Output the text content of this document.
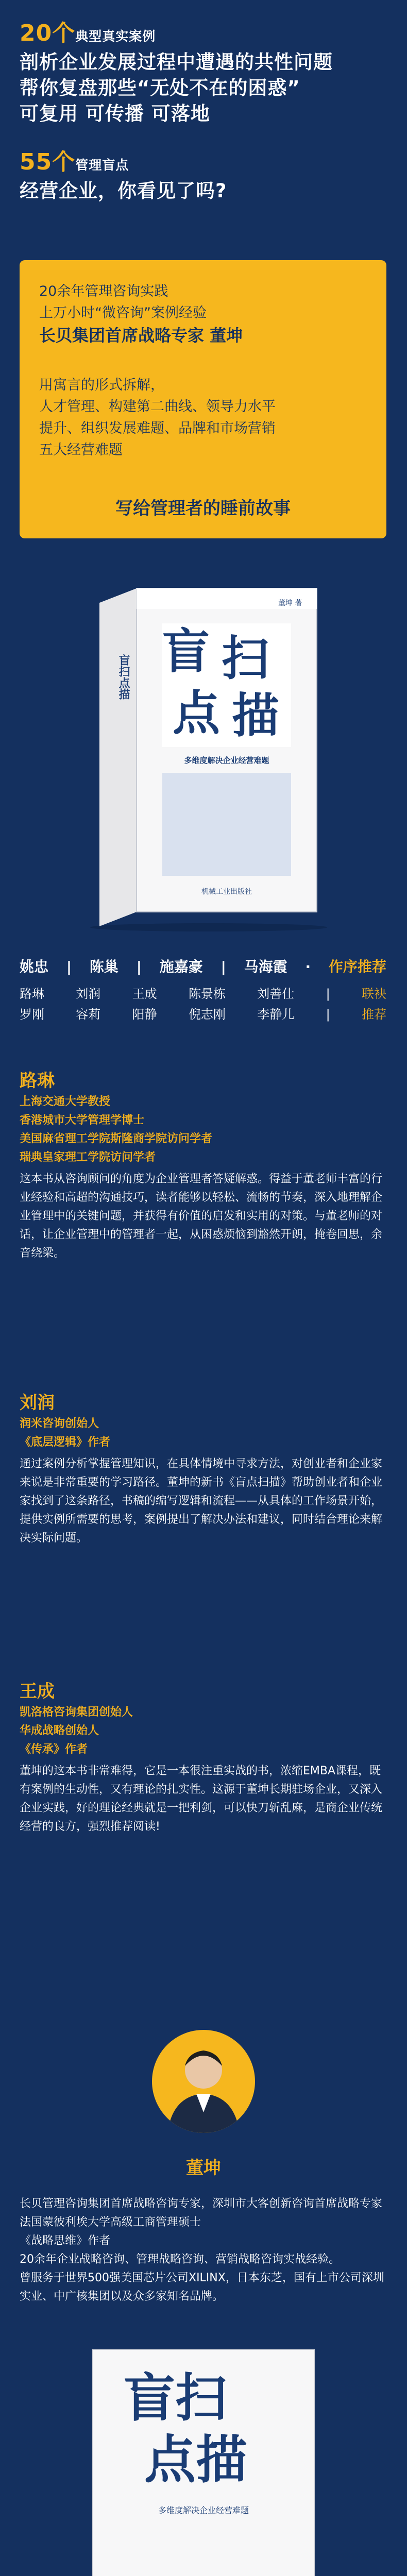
20个典型真实案例
剖析企业发展过程中遭遇的共性问题
帮你复盘那些“无处不在的困惑”
可复用 可传播 可落地
55个管理盲点
经营企业，你看见了吗?
20余年管理咨询实践
上万小时“微咨询”案例经验
长贝集团首席战略专家 董坤
用寓言的形式拆解，
人才管理、构建第二曲线、领导力水平
提升、组织发展难题、品牌和市场营销
五大经营难题
写给管理者的睡前故事
盲 扫
点 描
多维度解决企业经营难题
董坤 著
机械工业出版社
盲扫点描
姚忠 | 陈巢 | 施嘉豪 | 马海霞 · 作序推荐
路琳	刘润	王成	陈景栋	刘善仕	|	联袂
罗刚	容莉	阳静	倪志刚	李静儿	|	推荐
路琳
上海交通大学教授
香港城市大学管理学博士
美国麻省理工学院斯隆商学院访问学者
瑞典皇家理工学院访问学者
这本书从咨询顾问的角度为企业管理者答疑解惑。得益于董老师丰富的行业经验和高超的沟通技巧，读者能够以轻松、流畅的节奏，深入地理解企业管理中的关键问题，并获得有价值的启发和实用的对策。与董老师的对话，让企业管理中的管理者一起，从困惑烦恼到豁然开朗，掩卷回思，余音绕梁。
刘润
润米咨询创始人
《底层逻辑》作者
通过案例分析掌握管理知识，在具体情境中寻求方法，对创业者和企业家来说是非常重要的学习路径。董坤的新书《盲点扫描》帮助创业者和企业家找到了这条路径，书稿的编写逻辑和流程——从具体的工作场景开始，提供实例所需要的思考，案例提出了解决办法和建议，同时结合理论来解决实际问题。
王成
凯洛格咨询集团创始人
华成战略创始人
《传承》作者
董坤的这本书非常难得，它是一本很注重实战的书，浓缩EMBA课程，既有案例的生动性，又有理论的扎实性。这源于董坤长期驻场企业，又深入企业实践，好的理论经典就是一把利剑，可以快刀斩乱麻，是商企业传统经营的良方，强烈推荐阅读!
董坤
长贝管理咨询集团首席战略咨询专家，深圳市大客创新咨询首席战略专家
法国蒙彼利埃大学高级工商管理硕士
《战略思维》作者
20余年企业战略咨询、管理战略咨询、营销战略咨询实战经验。
曾服务于世界500强美国芯片公司XILINX，日本东芝，国有上市公司深圳实业、中广核集团以及众多家知名品牌。
盲扫
点描
多维度解决企业经营难题
